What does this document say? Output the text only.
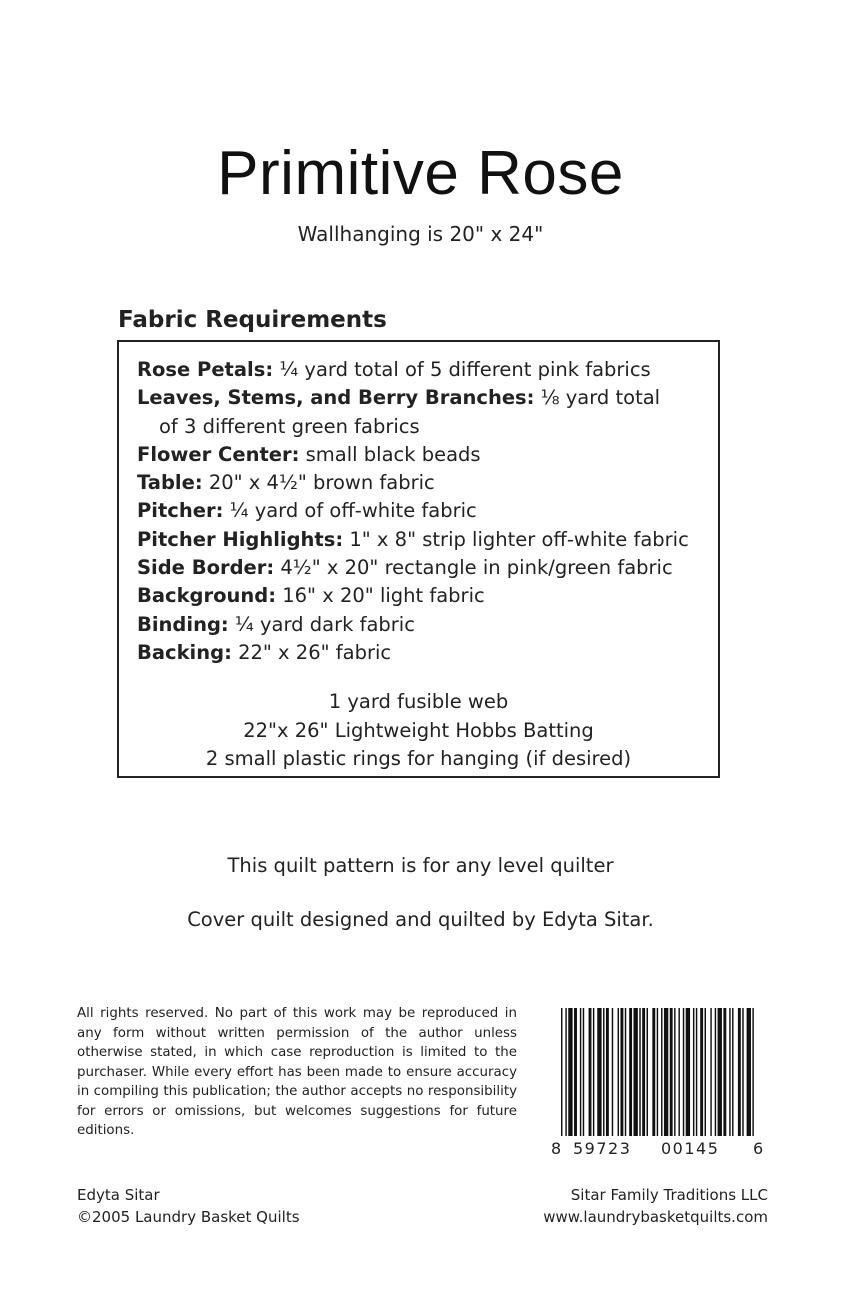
Primitive Rose
Wallhanging is 20" x 24"
Fabric Requirements
Rose Petals: ¼ yard total of 5 different pink fabrics
Leaves, Stems, and Berry Branches: ⅛ yard total
of 3 different green fabrics
Flower Center: small black beads
Table: 20" x 4½" brown fabric
Pitcher: ¼ yard of off-white fabric
Pitcher Highlights: 1" x 8" strip lighter off-white fabric
Side Border: 4½" x 20" rectangle in pink/green fabric
Background: 16" x 20" light fabric
Binding: ¼ yard dark fabric
Backing: 22" x 26" fabric
1 yard fusible web
22"x 26" Lightweight Hobbs Batting
2 small plastic rings for hanging (if desired)
This quilt pattern is for any level quilter
Cover quilt designed and quilted by Edyta Sitar.
All rights reserved. No part of this work may be reproduced in any form without written permission of the author unless otherwise stated, in which case reproduction is limited to the purchaser. While every effort has been made to ensure accuracy in compiling this publication; the author accepts no responsibility for errors or omissions, but welcomes suggestions for future editions.
8 59723 00145 6
Edyta Sitar
©2005 Laundry Basket Quilts
Sitar Family Traditions LLC
www.laundrybasketquilts.com
